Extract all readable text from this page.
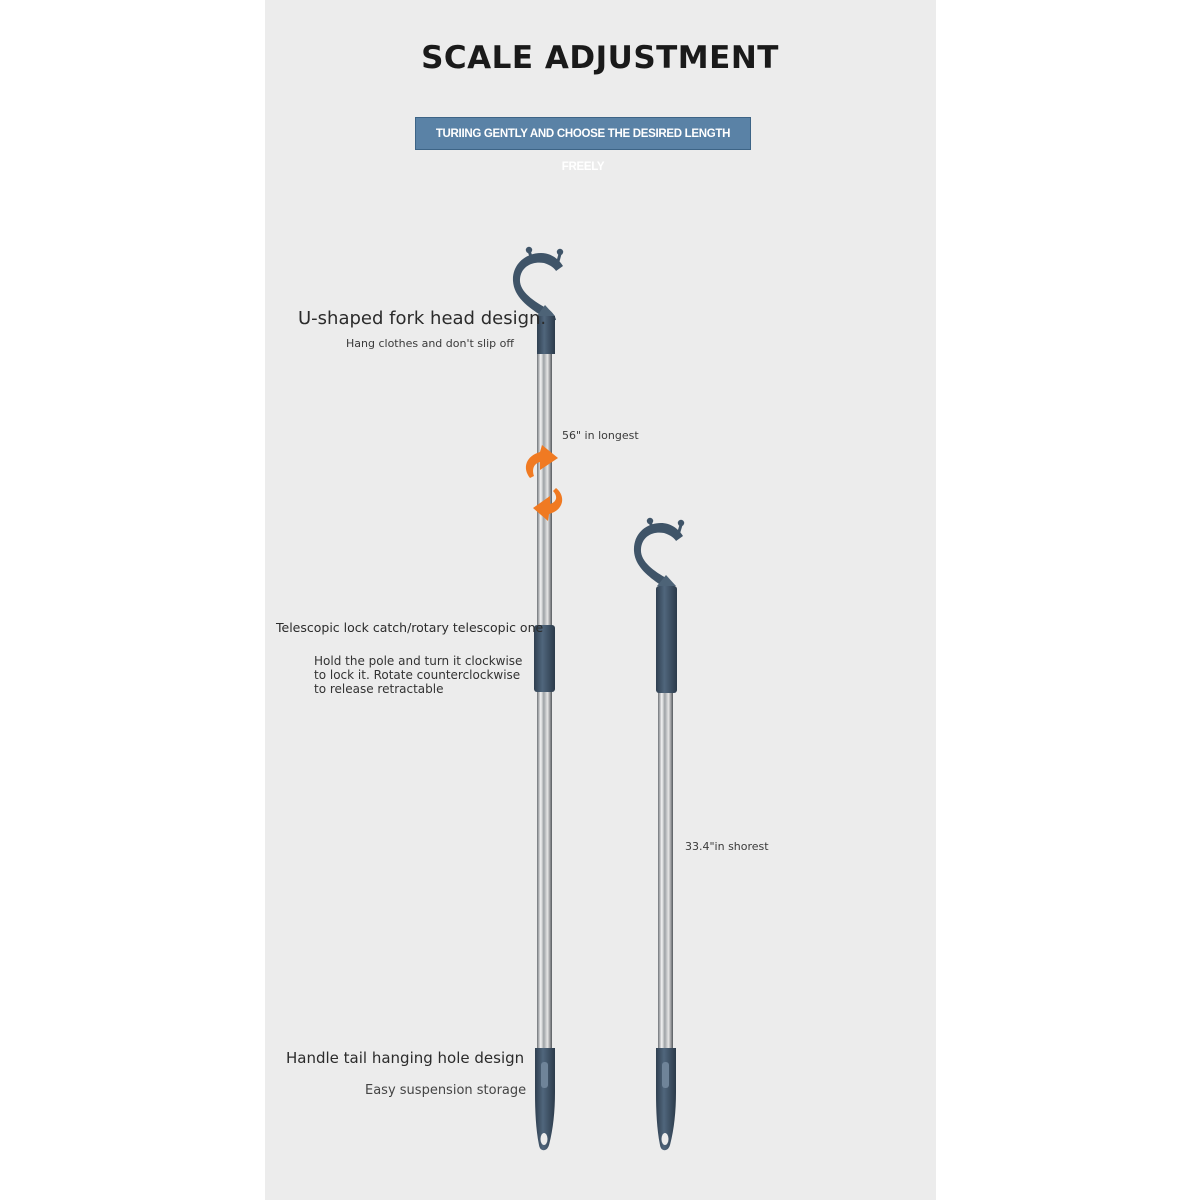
SCALE ADJUSTMENT
TURIING GENTLY AND CHOOSE THE DESIRED LENGTH FREELY
U-shaped fork head design.
Hang clothes and don't slip off
56" in longest
Telescopic lock catch/rotary telescopic one
Hold the pole and turn it clockwise
to lock it. Rotate counterclockwise
to release retractable
33.4"in shorest
Handle tail hanging hole design
Easy suspension storage
